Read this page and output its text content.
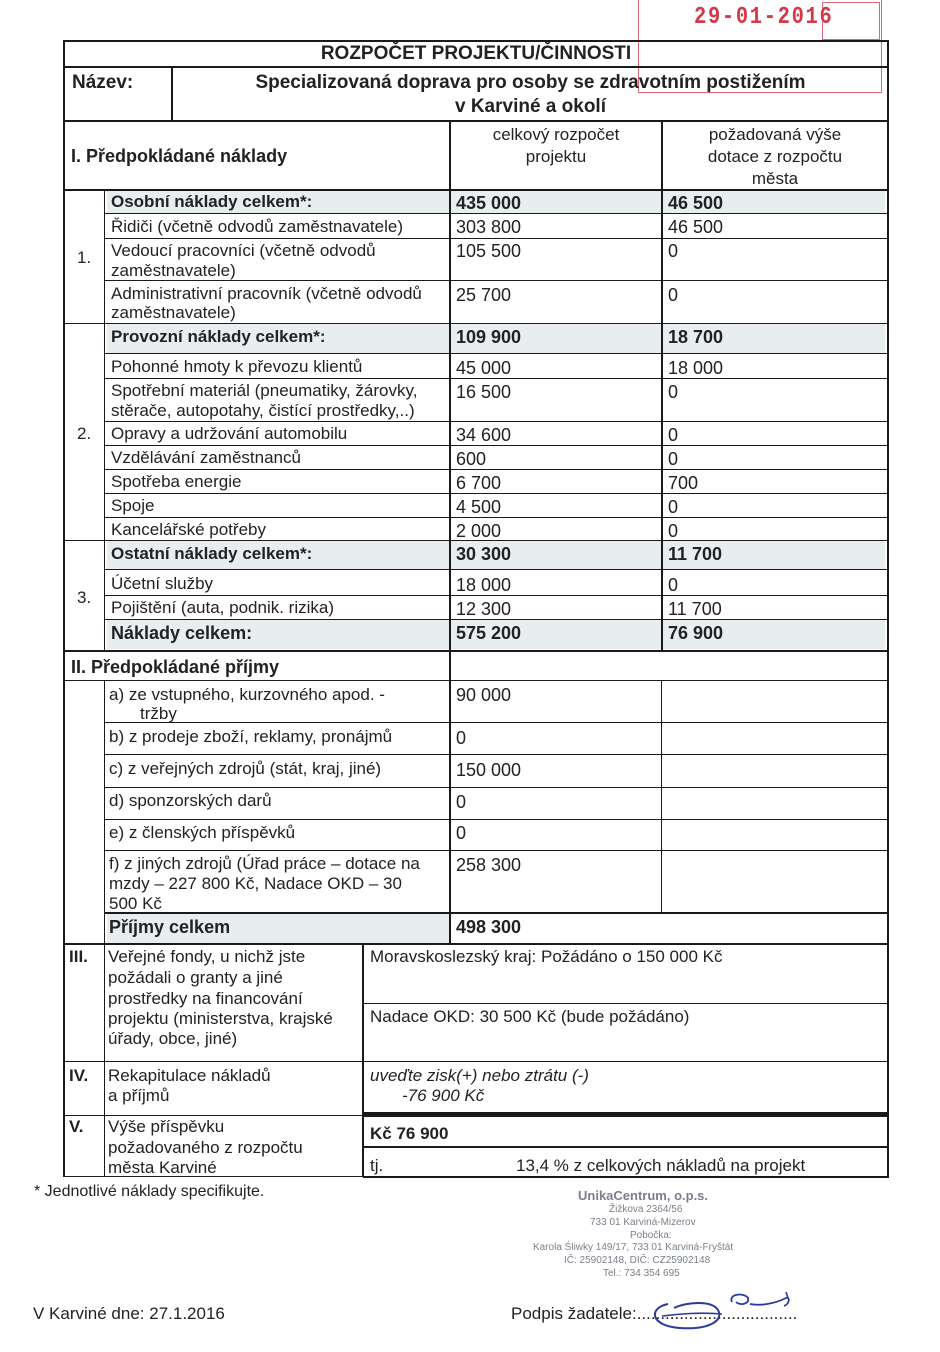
29-01-2016
ROZPOČET PROJEKTU/ČINNOSTI
Název:	Specializovaná doprava pro osoby se zdravotním postižením
v Karviné a okolí
I. Předpokládané náklady
celkový rozpočet
projektu
požadovaná výše
dotace z rozpočtu
města
1.
Osobní náklady celkem*:	435 000	46 500
Řidiči (včetně odvodů zaměstnavatele)	303 800	46 500
Vedoucí pracovníci (včetně odvodů
zaměstnavatele)
105 500	0
Administrativní pracovník (včetně odvodů
zaměstnavatele)
25 700	0
2.
Provozní náklady celkem*:	109 900	18 700
Pohonné hmoty k převozu klientů	45 000	18 000
Spotřební materiál (pneumatiky, žárovky,
stěrače, autopotahy, čistící prostředky,..)
16 500	0
Opravy a udržování automobilu	34 600	0
Vzdělávání zaměstnanců	600	0
Spotřeba energie	6 700	700
Spoje	4 500	0
Kancelářské potřeby	2 000	0
3.
Ostatní náklady celkem*:	30 300	11 700
Účetní služby	18 000	0
Pojištění (auta, podnik. rizika)	12 300	11 700
Náklady celkem:	575 200	76 900
II. Předpokládané příjmy
a) ze vstupného, kurzovného apod. -
tržby
90 000
b) z prodeje zboží, reklamy, pronájmů	0
c) z veřejných zdrojů (stát, kraj, jiné)	150 000
d) sponzorských darů	0
e) z členských příspěvků	0
f) z jiných zdrojů (Úřad práce – dotace na
mzdy – 227 800 Kč, Nadace OKD – 30
500 Kč
258 300
Příjmy celkem	498 300
III. Veřejné fondy, u nichž jste
požádali o granty a jiné
prostředky na financování
projektu (ministerstva, krajské
úřady, obce, jiné)
Moravskoslezský kraj: Požádáno o 150 000 Kč
Nadace OKD: 30 500 Kč (bude požádáno)
IV. Rekapitulace nákladů
a příjmů
uveďte zisk(+) nebo ztrátu (-)
-76 900 Kč
V. Výše příspěvku
požadovaného z rozpočtu
města Karviné
Kč 76 900
tj.	13,4 % z celkových nákladů na projekt
* Jednotlivé náklady specifikujte.	UnikaCentrum, o.p.s.
Žižkova 2364/56
733 01 Karviná-Mizerov
Pobočka:
Karola Śliwky 149/17, 733 01 Karviná-Fryštát
IČ: 25902148, DIČ: CZ25902148
Tel.: 734 354 695
V Karviné dne: 27.1.2016	Podpis žadatele:..................................
